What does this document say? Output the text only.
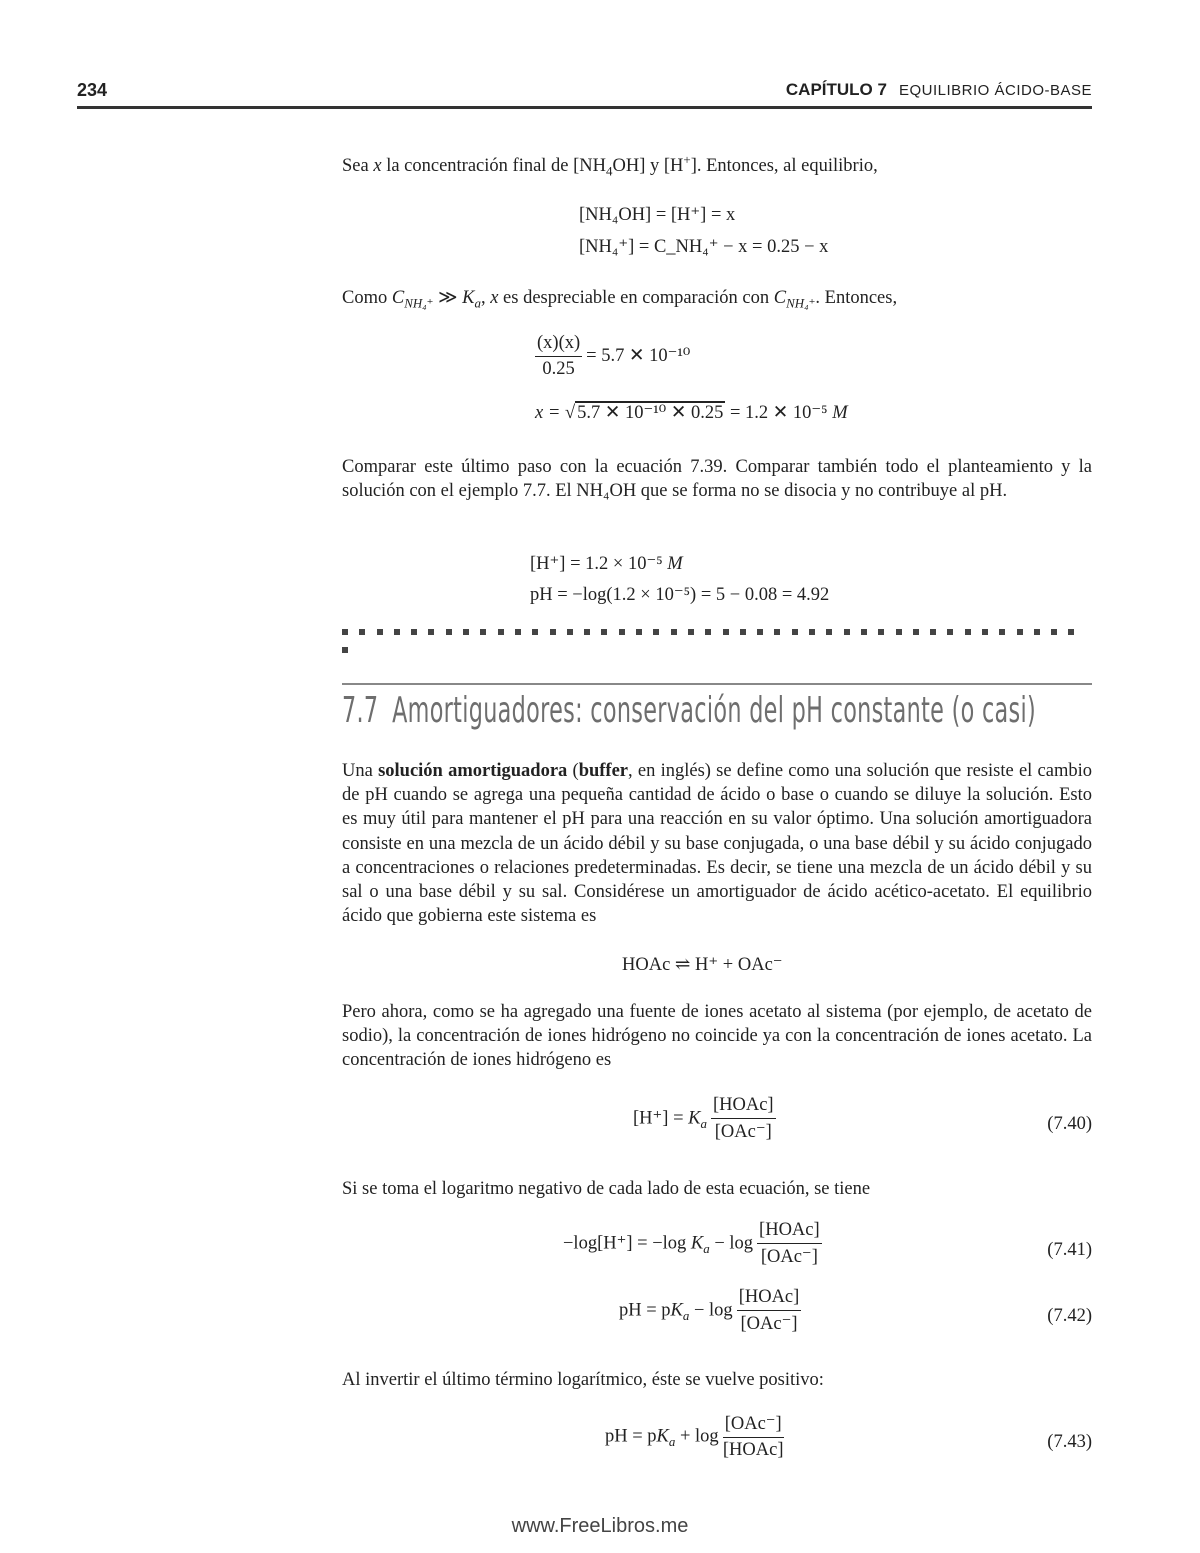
234	CAPÍTULO 7 EQUILIBRIO ÁCIDO-BASE
Sea x la concentración final de $[NH_4OH]$ y [H+]. Entonces, al equilibrio,
[NH₄OH] = [H⁺] = x
[NH₄⁺] = C_NH₄⁺ − x = 0.25 − x
Como $C_{NH_4^+}$ ≫ $K_a$, x es despreciable en comparación con $C_{NH_4^+}$. Entonces,
$\frac{(x)(x)}{0.25} = 5.7$ ✕ 10⁻¹⁰
x = √ 5.7 ✕ 10⁻¹⁰ ✕ 0.25 = 1.2 ✕ 10⁻⁵ M
Comparar este último paso con la ecuación 7.39. Comparar también todo el planteamiento y la solución con el ejemplo 7.7. El NH₄OH que se forma no se disocia y no contribuye al pH.
[H⁺] = 1.2 × 10⁻⁵ M
pH = −log(1.2 × 10⁻⁵) = 5 − 0.08 = 4.92
7.7 Amortiguadores: conservación del pH constante (o casi)
Una solución amortiguadora (buffer, en inglés) se define como una solución que resiste el cambio de pH cuando se agrega una pequeña cantidad de ácido o base o cuando se diluye la solución. Esto es muy útil para mantener el pH para una reacción en su valor óptimo. Una solución amortiguadora consiste en una mezcla de un ácido débil y su base conjugada, o una base débil y su ácido conjugado a concentraciones o relaciones predeterminadas. Es decir, se tiene una mezcla de un ácido débil y su sal o una base débil y su sal. Considérese un amortiguador de ácido acético-acetato. El equilibrio ácido que gobierna este sistema es
HOAc ⇌ H⁺ + OAc⁻
Pero ahora, como se ha agregado una fuente de iones acetato al sistema (por ejemplo, de acetato de sodio), la concentración de iones hidrógeno no coincide ya con la concentración de iones acetato. La concentración de iones hidrógeno es
$[H^+] = K_a \frac{\text{[HOAc]}}{\text{[OAc⁻]}}$	(7.40)
Si se toma el logaritmo negativo de cada lado de esta ecuación, se tiene
−log[H⁺] = −log $K_a - \log \frac{\text{[HOAc]}}{\text{[OAc⁻]}}$	(7.41)
pH = $pK_a - \log \frac{\text{[HOAc]}}{\text{[OAc⁻]}}$	(7.42)
Al invertir el último término logarítmico, éste se vuelve positivo:
pH = $pK_a + \log \frac{\text{[OAc⁻]}}{\text{[HOAc]}}$	(7.43)
www.FreeLibros.me
